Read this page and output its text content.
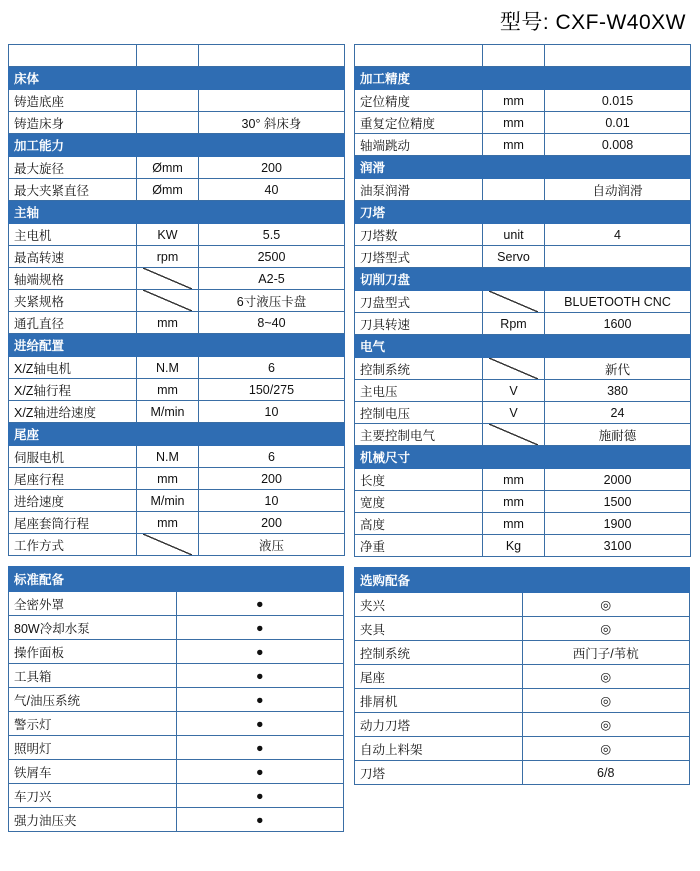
型号: CXF-W40XW
参数项	单位	参数值
床体		
铸造底座		
铸造床身		30° 斜床身
加工能力		
最大旋径	Ømm	200
最大夹紧直径	Ømm	40
主轴		
主电机	KW	5.5
最高转速	rpm	2500
轴端规格		A2-5
夹紧规格		6寸液压卡盘
通孔直径	mm	8~40
进给配置		
X/Z轴电机	N.M	6
X/Z轴行程	mm	150/275
X/Z轴进给速度	M/min	10
尾座		
伺服电机	N.M	6
尾座行程	mm	200
进给速度	M/min	10
尾座套筒行程	mm	200
工作方式		液压
标准配备	
全密外罩	●
80W冷却水泵	●
操作面板	●
工具箱	●
气/油压系统	●
警示灯	●
照明灯	●
铁屑车	●
车刀兴	●
强力油压夹	●
参数项	单位	参数值
加工精度		
定位精度	mm	0.015
重复定位精度	mm	0.01
轴端跳动	mm	0.008
润滑		
油泵润滑		自动润滑
刀塔		
刀塔数	unit	4
刀塔型式	Servo	
切削刀盘		
刀盘型式		BLUETOOTH CNC
刀具转速	Rpm	1600
电气		
控制系统		新代
主电压	V	380
控制电压	V	24
主要控制电气		施耐德
机械尺寸		
长度	mm	2000
宽度	mm	1500
高度	mm	1900
净重	Kg	3100
选购配备	
夹兴	◎
夹具	◎
控制系统	西门子/苇杭
尾座	◎
排屑机	◎
动力刀塔	◎
自动上料架	◎
刀塔	6/8
